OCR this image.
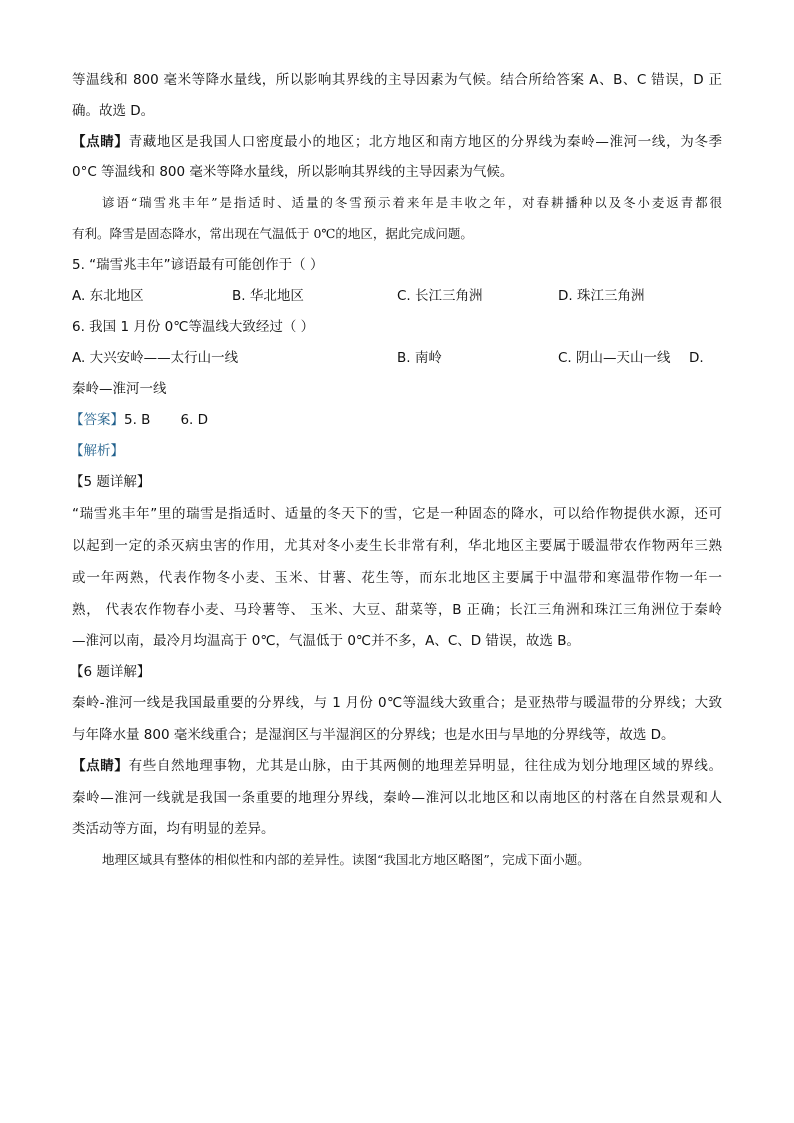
等温线和 800 毫米等降水量线，所以影响其界线的主导因素为气候。结合所给答案 A、B、C 错误，D 正
确。故选 D。
【点睛】青藏地区是我国人口密度最小的地区；北方地区和南方地区的分界线为秦岭—淮河一线，为冬季
0°C 等温线和 800 毫米等降水量线，所以影响其界线的主导因素为气候。
谚语“瑞雪兆丰年”是指适时、适量的冬雪预示着来年是丰收之年，对春耕播种以及冬小麦返青都很
有利。降雪是固态降水，常出现在气温低于 0℃的地区，据此完成问题。
5. “瑞雪兆丰年”谚语最有可能创作于（ ）
A. 东北地区	B. 华北地区	C. 长江三角洲	D. 珠江三角洲
6. 我国 1 月份 0℃等温线大致经过（ ）
A. 大兴安岭——太行山一线	B. 南岭	C. 阴山—天山一线 D.
秦岭—淮河一线
【答案】5. B       6. D
【解析】
【5 题详解】
“瑞雪兆丰年”里的瑞雪是指适时、适量的冬天下的雪，它是一种固态的降水，可以给作物提供水源，还可
以起到一定的杀灭病虫害的作用，尤其对冬小麦生长非常有利，华北地区主要属于暖温带农作物两年三熟
或一年两熟，代表作物冬小麦、玉米、甘薯、花生等，而东北地区主要属于中温带和寒温带作物一年一
熟， 代表农作物春小麦、马玲薯等、 玉米、大豆、甜菜等，B 正确；长江三角洲和珠江三角洲位于秦岭
—淮河以南，最冷月均温高于 0℃，气温低于 0℃并不多，A、C、D 错误，故选 B。
【6 题详解】
秦岭-淮河一线是我国最重要的分界线，与 1 月份 0℃等温线大致重合；是亚热带与暖温带的分界线；大致
与年降水量 800 毫米线重合；是湿润区与半湿润区的分界线；也是水田与旱地的分界线等，故选 D。
【点睛】有些自然地理事物，尤其是山脉，由于其两侧的地理差异明显，往往成为划分地理区域的界线。
秦岭—淮河一线就是我国一条重要的地理分界线，秦岭—淮河以北地区和以南地区的村落在自然景观和人
类活动等方面，均有明显的差异。
地理区域具有整体的相似性和内部的差异性。读图“我国北方地区略图”，完成下面小题。
